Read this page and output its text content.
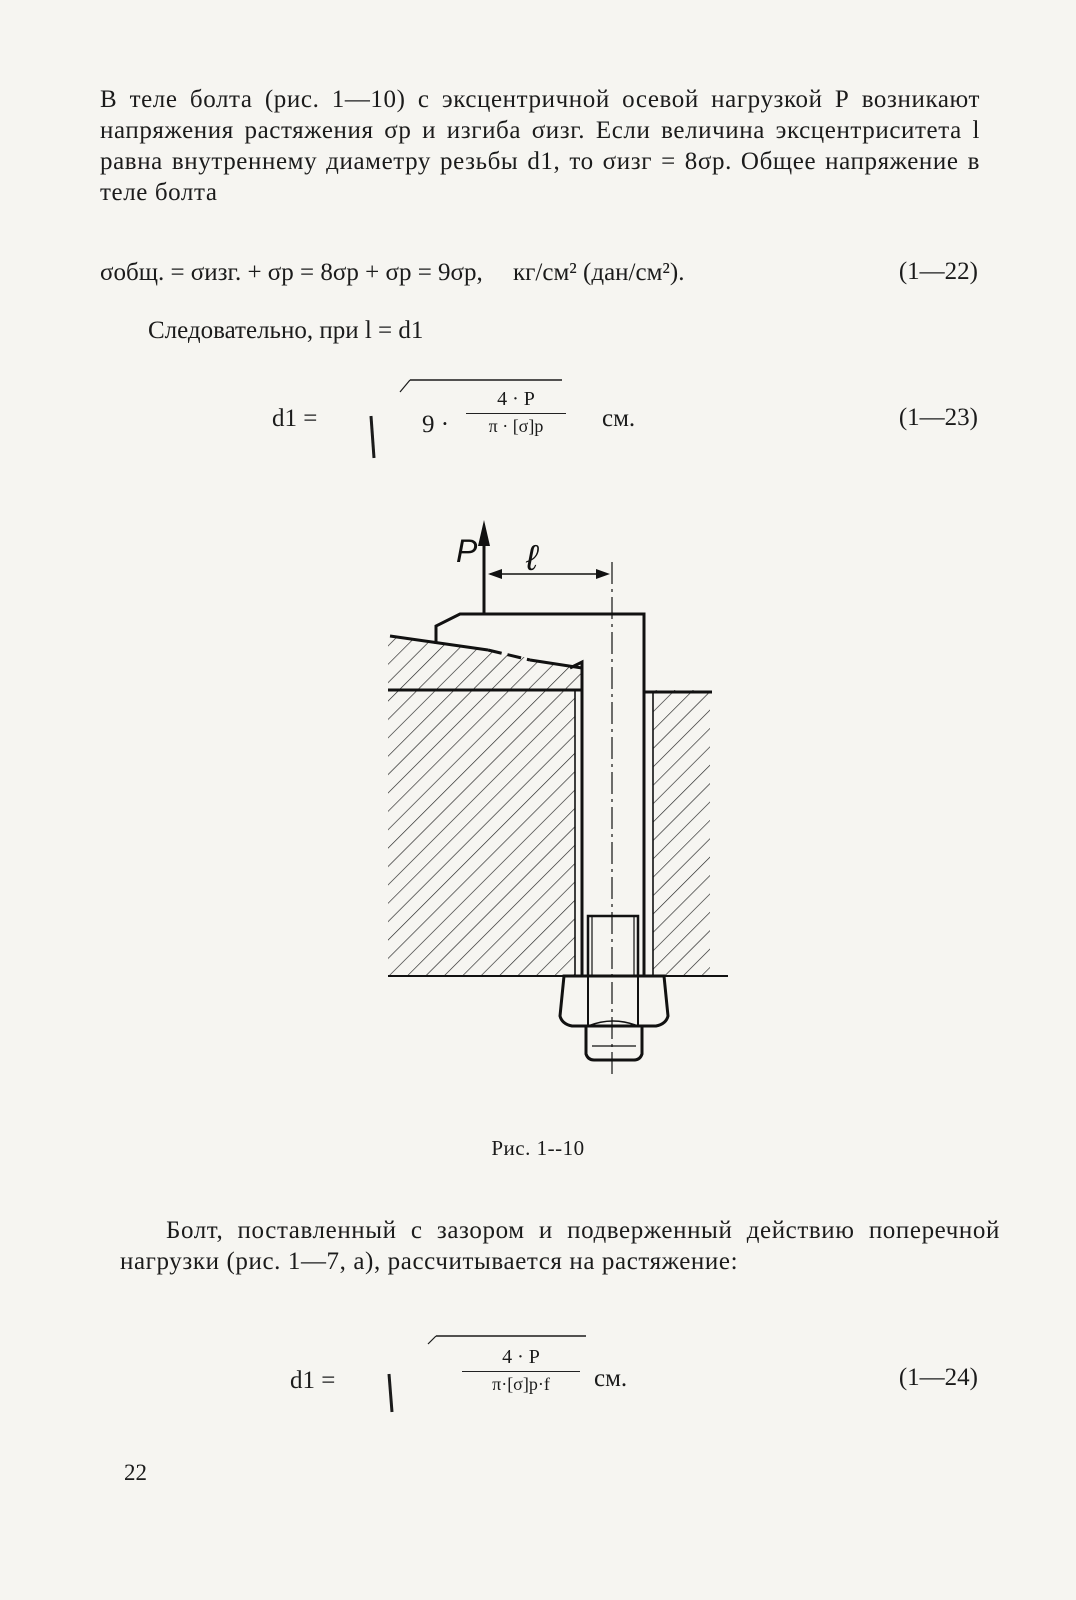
В теле болта (рис. 1—10) с эксцентричной осевой нагрузкой Р возникают напряжения растяжения σр и изгиба σизг. Если величина эксцентриситета l равна внутреннему диаметру резьбы d1, то σизг = 8σр. Общее напряжение в теле болта
σобщ. = σизг. + σр = 8σр + σр = 9σр, кг/см² (дан/см²).	(1—22)
Следовательно, при l = d1
d1 =	9 ·
4 · P
π · [σ]р	см.	(1—23)
P ℓ
Рис. 1--10
Болт, поставленный с зазором и подверженный действию поперечной нагрузки (рис. 1—7, а), рассчитывается на растяжение:
d1 =
4 · P
π·[σ]р·f	см.	(1—24)
22
